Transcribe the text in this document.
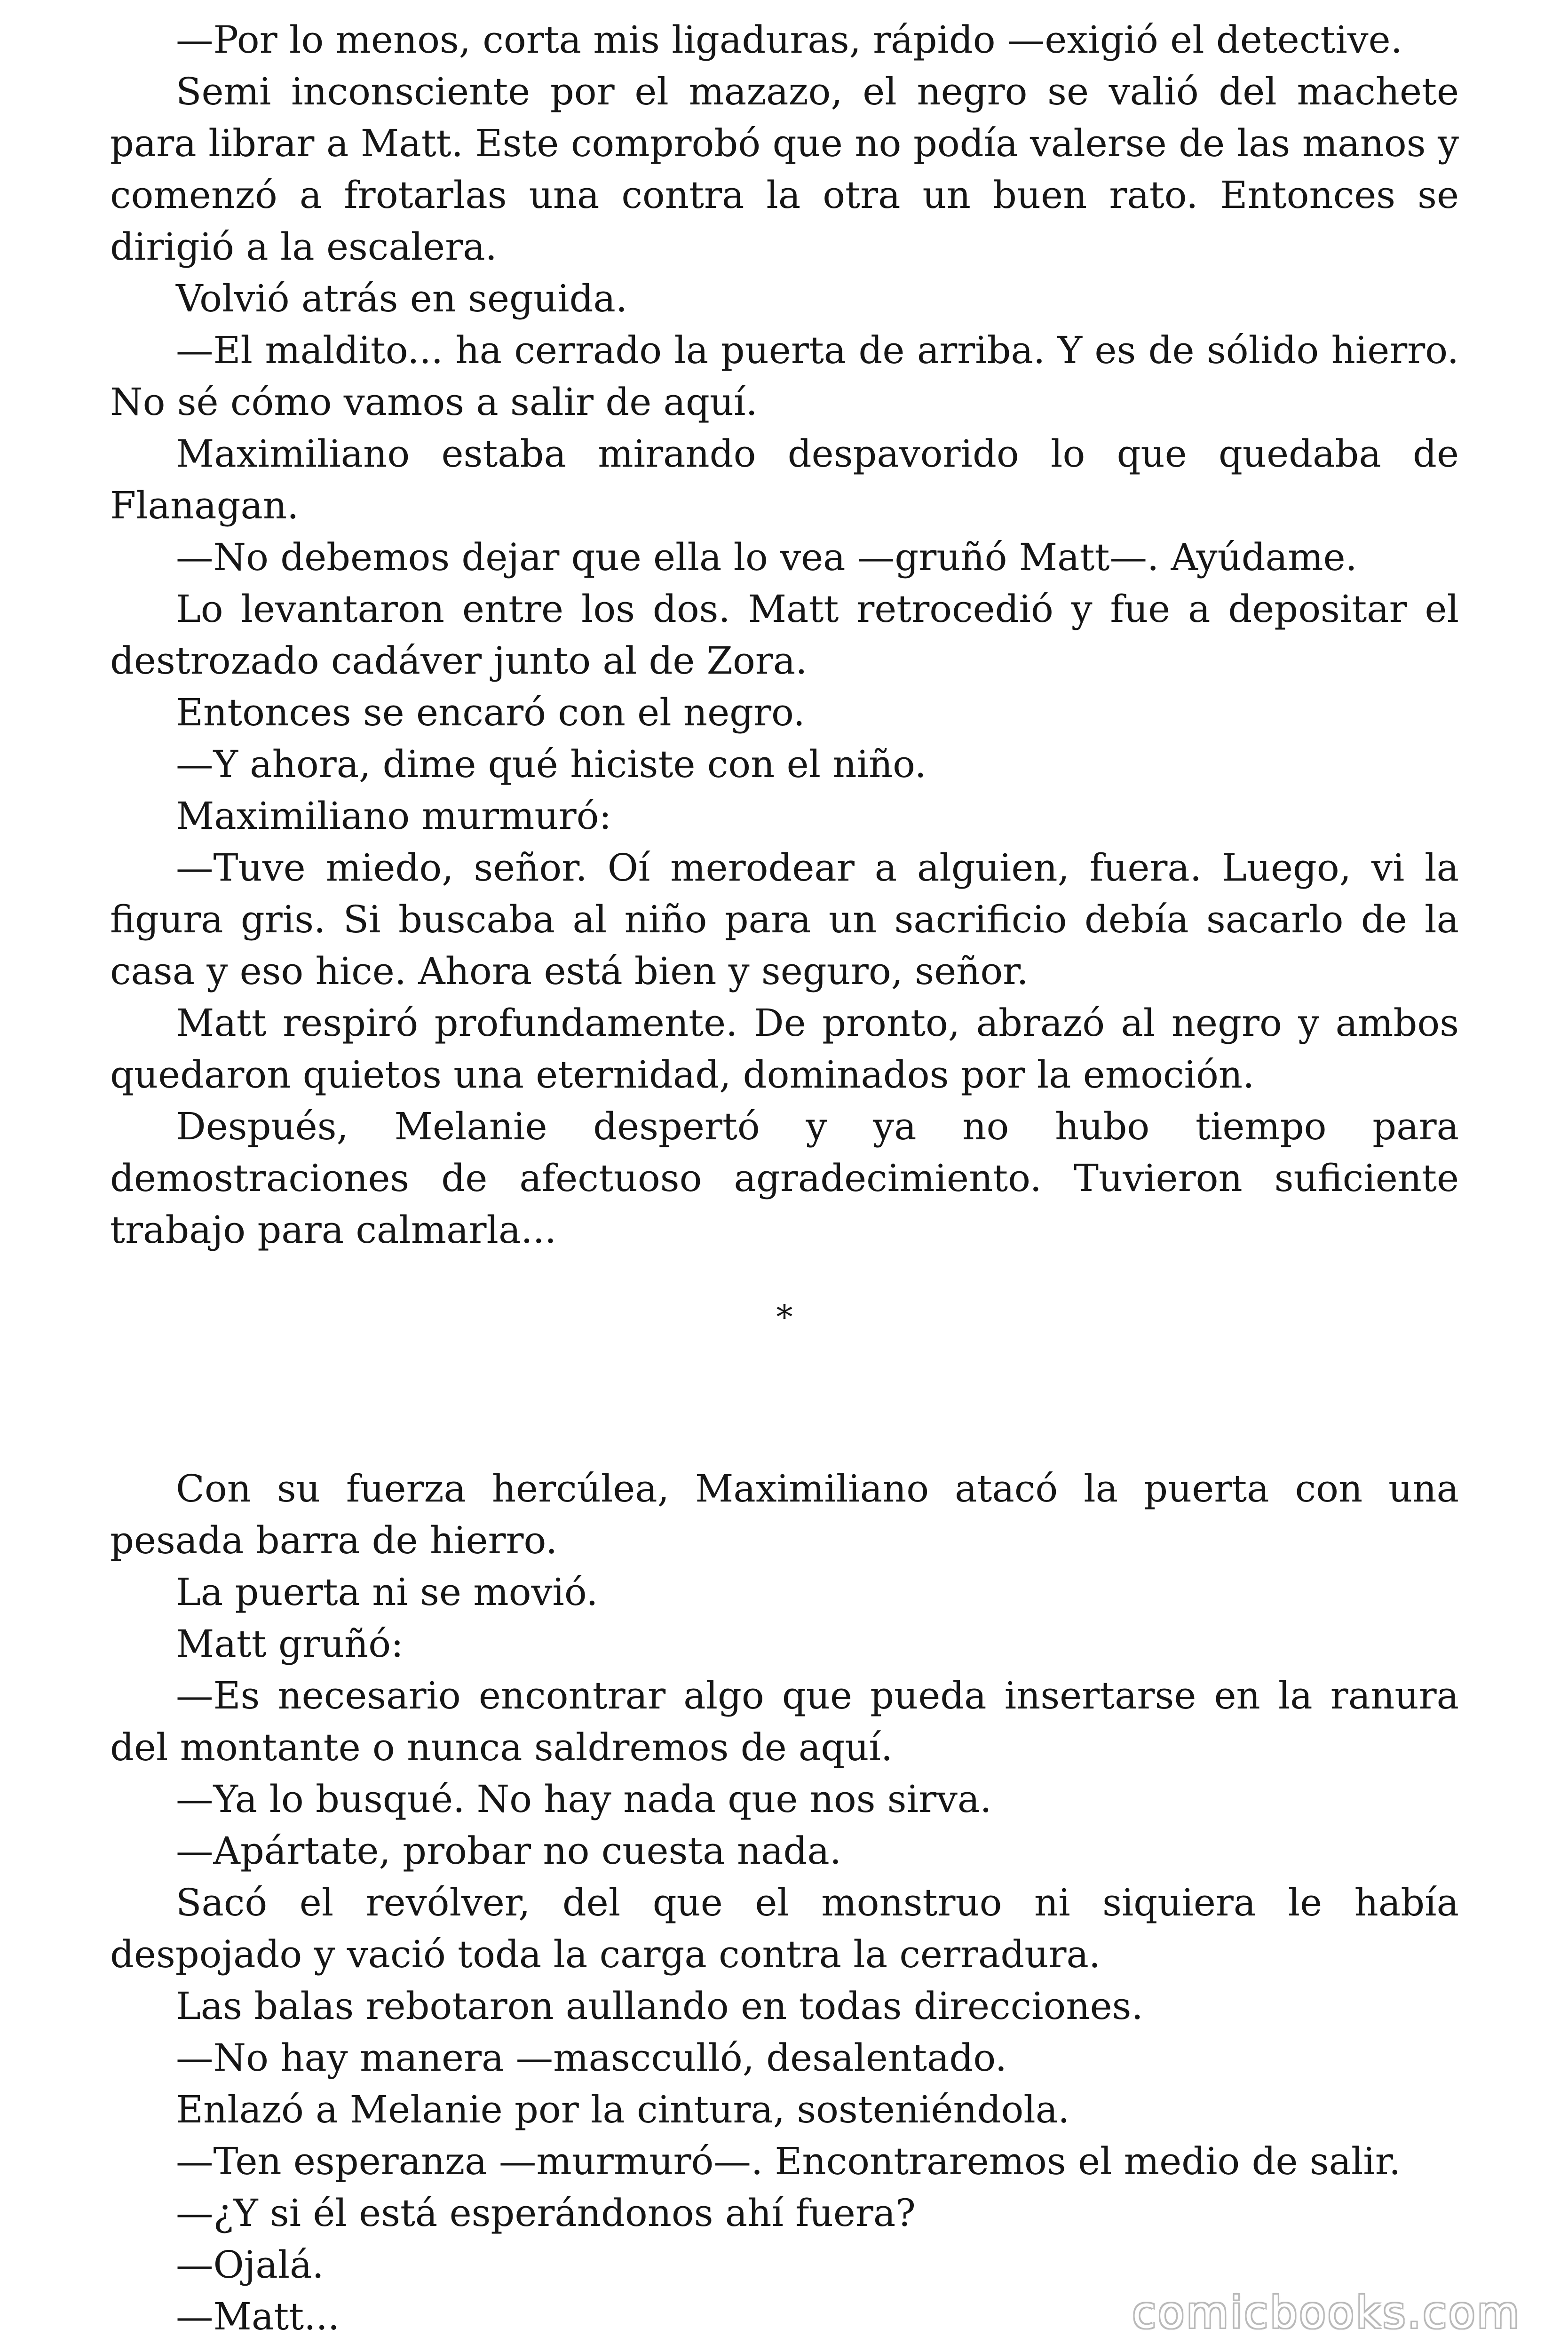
—Por lo menos, corta mis ligaduras, rápido —exigió el detective.

Semi inconsciente por el mazazo, el negro se valió del machete para librar a Matt. Este comprobó que no podía valerse de las manos y comenzó a frotarlas una contra la otra un buen rato. Entonces se dirigió a la escalera.

Volvió atrás en seguida.

—El maldito... ha cerrado la puerta de arriba. Y es de sólido hierro. No sé cómo vamos a salir de aquí.

Maximiliano estaba mirando despavorido lo que quedaba de Flanagan.

—No debemos dejar que ella lo vea —gruñó Matt—. Ayúdame.

Lo levantaron entre los dos. Matt retrocedió y fue a depositar el destrozado cadáver junto al de Zora.

Entonces se encaró con el negro.

—Y ahora, dime qué hiciste con el niño.

Maximiliano murmuró:

—Tuve miedo, señor. Oí merodear a alguien, fuera. Luego, vi la figura gris. Si buscaba al niño para un sacrificio debía sacarlo de la casa y eso hice. Ahora está bien y seguro, señor.

Matt respiró profundamente. De pronto, abrazó al negro y ambos quedaron quietos una eternidad, dominados por la emoción.

Después, Melanie despertó y ya no hubo tiempo para demostraciones de afectuoso agradecimiento. Tuvieron suficiente trabajo para calmarla...

*

Con su fuerza hercúlea, Maximiliano atacó la puerta con una pesada barra de hierro.

La puerta ni se movió.

Matt gruñó:

—Es necesario encontrar algo que pueda insertarse en la ranura del montante o nunca saldremos de aquí.

—Ya lo busqué. No hay nada que nos sirva.

—Apártate, probar no cuesta nada.

Sacó el revólver, del que el monstruo ni siquiera le había despojado y vació toda la carga contra la cerradura.

Las balas rebotaron aullando en todas direcciones.

—No hay manera —mascculló, desalentado.

Enlazó a Melanie por la cintura, sosteniéndola.

—Ten esperanza —murmuró—. Encontraremos el medio de salir.

—¿Y si él está esperándonos ahí fuera?

—Ojalá.

—Matt...	comicbooks.com
